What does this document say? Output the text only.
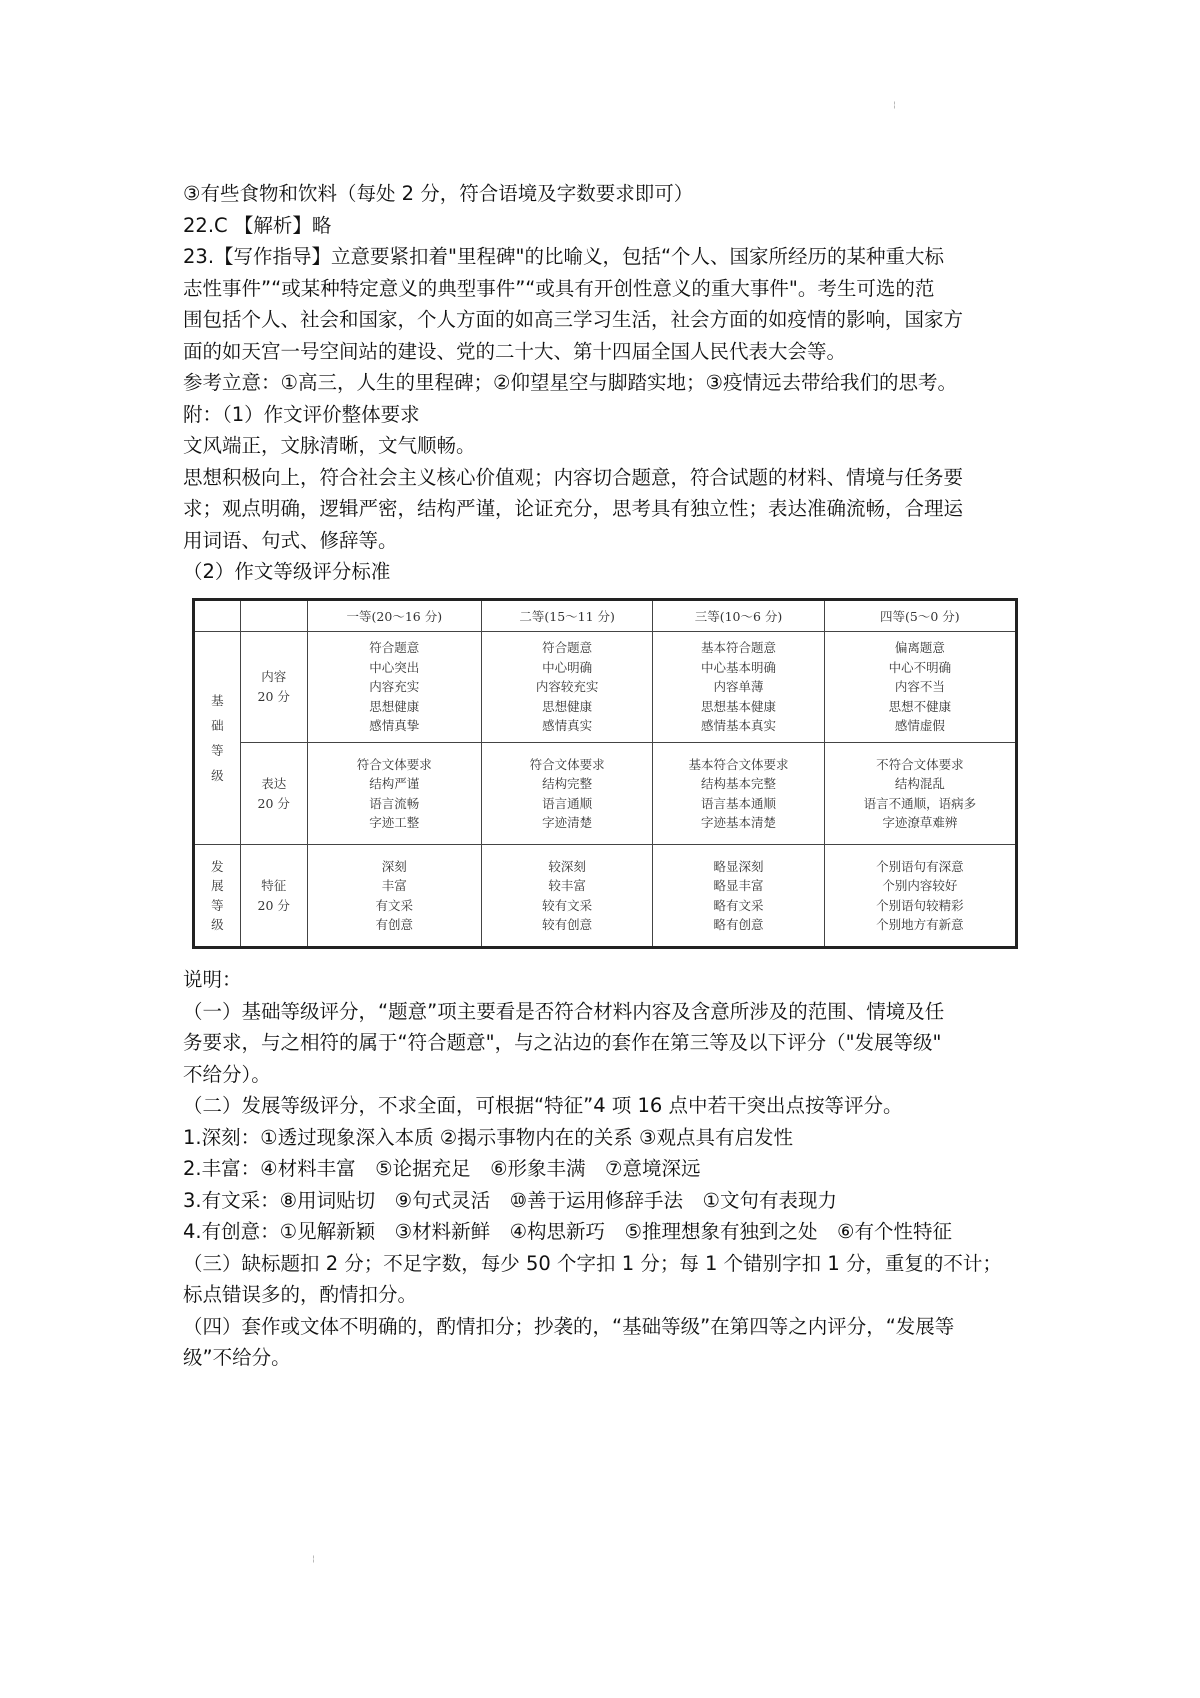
¦

③有些食物和饮料（每处 2 分，符合语境及字数要求即可）

22.C 【解析】略

23.【写作指导】立意要紧扣着"里程碑"的比喻义，包括“个人、国家所经历的某种重大标

志性事件”“或某种特定意义的典型事件”“或具有开创性意义的重大事件"。考生可选的范

围包括个人、社会和国家，个人方面的如高三学习生活，社会方面的如疫情的影响，国家方

面的如天宫一号空间站的建设、党的二十大、第十四届全国人民代表大会等。

参考立意：①高三，人生的里程碑；②仰望星空与脚踏实地；③疫情远去带给我们的思考。

附：（1）作文评价整体要求

文风端正，文脉清晰，文气顺畅。

思想积极向上，符合社会主义核心价值观；内容切合题意，符合试题的材料、情境与任务要

求；观点明确，逻辑严密，结构严谨，论证充分，思考具有独立性；表达准确流畅，合理运

用词语、句式、修辞等。

（2）作文等级评分标准

		一等(20～16 分)	二等(15～11 分)	三等(10～6 分)	四等(5～0 分)

基
础
等
级	内容
20 分	符合题意
中心突出
内容充实
思想健康
感情真挚	符合题意
中心明确
内容较充实
思想健康
感情真实	基本符合题意
中心基本明确
内容单薄
思想基本健康
感情基本真实	偏离题意
中心不明确
内容不当
思想不健康
感情虚假

	表达
20 分	符合文体要求
结构严谨
语言流畅
字迹工整	符合文体要求
结构完整
语言通顺
字迹清楚	基本符合文体要求
结构基本完整
语言基本通顺
字迹基本清楚	不符合文体要求
结构混乱
语言不通顺，语病多
字迹潦草难辨

发
展
等
级	特征
20 分	深刻
丰富
有文采
有创意	较深刻
较丰富
较有文采
较有创意	略显深刻
略显丰富
略有文采
略有创意	个别语句有深意
个别内容较好
个别语句较精彩
个别地方有新意

说明：

（一）基础等级评分，“题意”项主要看是否符合材料内容及含意所涉及的范围、情境及任

务要求，与之相符的属于“符合题意"，与之沾边的套作在第三等及以下评分（"发展等级"

不给分）。

（二）发展等级评分，不求全面，可根据“特征”4 项 16 点中若干突出点按等评分。

1.深刻：①透过现象深入本质 ②揭示事物内在的关系 ③观点具有启发性

2.丰富：④材料丰富　⑤论据充足　⑥形象丰满　⑦意境深远

3.有文采：⑧用词贴切　⑨句式灵活　⑩善于运用修辞手法　①文句有表现力

4.有创意：①见解新颖　③材料新鲜　④构思新巧　⑤推理想象有独到之处　⑥有个性特征

（三）缺标题扣 2 分；不足字数，每少 50 个字扣 1 分；每 1 个错别字扣 1 分，重复的不计；

标点错误多的，酌情扣分。

（四）套作或文体不明确的，酌情扣分；抄袭的，“基础等级”在第四等之内评分，“发展等

级”不给分。

¦
